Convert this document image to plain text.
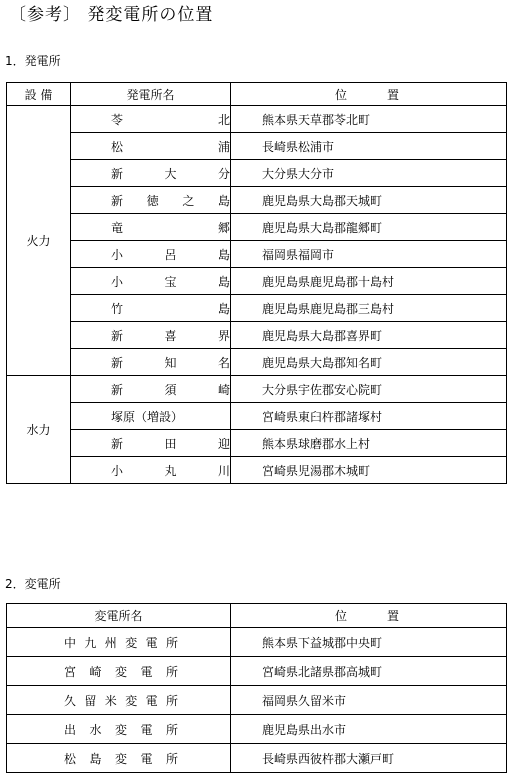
〔参考〕 発変電所の位置
1．発電所
設 備	発電所名	位 置
火力	苓北	熊本県天草郡苓北町
	松浦	長崎県松浦市
	新大分	大分県大分市
	新徳之島	鹿児島県大島郡天城町
	竜郷	鹿児島県大島郡龍郷町
	小呂島	福岡県福岡市
	小宝島	鹿児島県鹿児島郡十島村
	竹島	鹿児島県鹿児島郡三島村
	新喜界	鹿児島県大島郡喜界町
	新知名	鹿児島県大島郡知名町
水力	新須崎	大分県宇佐郡安心院町
	塚原（増設）	宮崎県東臼杵郡諸塚村
	新田迎	熊本県球磨郡水上村
	小丸川	宮崎県児湯郡木城町
2．変電所
変電所名	位 置
中九州変電所	熊本県下益城郡中央町
宮崎変電所	宮崎県北諸県郡高城町
久留米変電所	福岡県久留米市
出水変電所	鹿児島県出水市
松島変電所	長崎県西彼杵郡大瀬戸町
